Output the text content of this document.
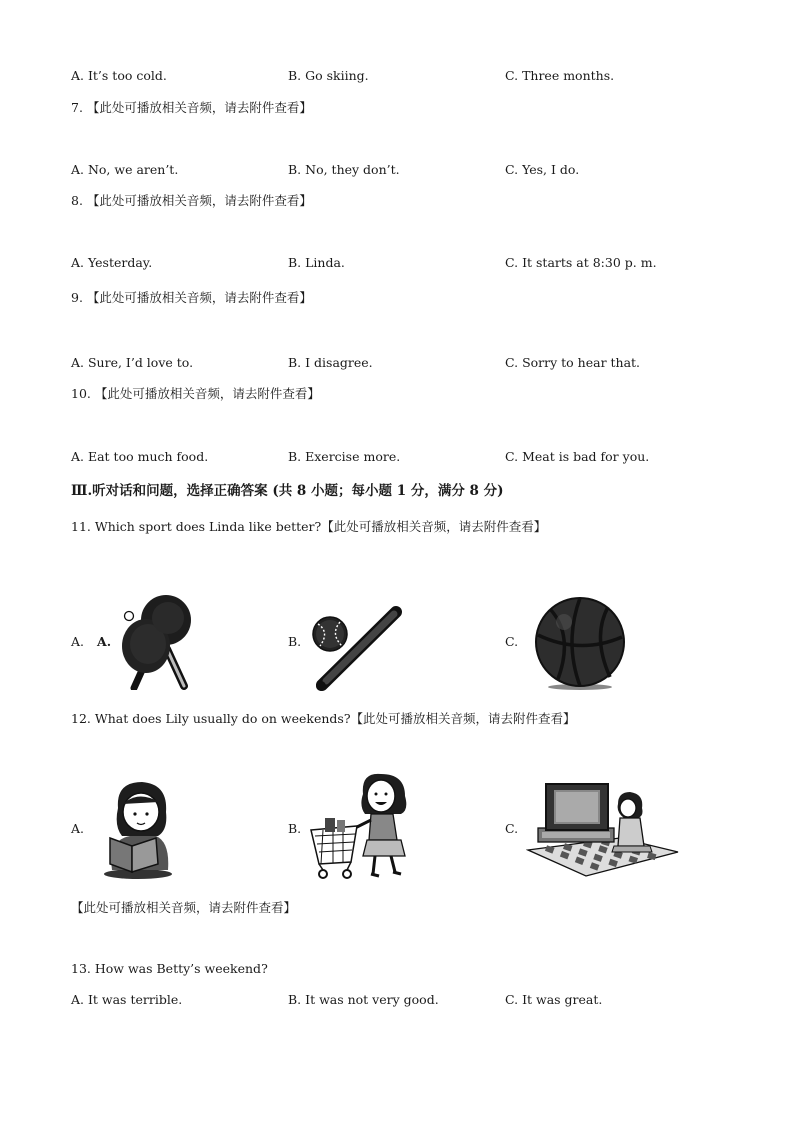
A. It’s too cold.	B. Go skiing.	C. Three months.
7. 【此处可播放相关音频，请去附件查看】
A. No, we aren’t.	B. No, they don’t.	C. Yes, I do.
8. 【此处可播放相关音频，请去附件查看】
A. Yesterday.	B. Linda.	C. It starts at 8:30 p. m.
9. 【此处可播放相关音频，请去附件查看】
A. Sure, I’d love to.	B. I disagree.	C. Sorry to hear that.
10. 【此处可播放相关音频，请去附件查看】
A. Eat too much food.	B. Exercise more.	C. Meat is bad for you.
Ⅲ.听对话和问题，选择正确答案 (共 8 小题；每小题 1 分，满分 8 分)
11. Which sport does Linda like better?【此处可播放相关音频，请去附件查看】
A. A.	B.	C.
12. What does Lily usually do on weekends?【此处可播放相关音频，请去附件查看】
A.	B.	C.
【此处可播放相关音频，请去附件查看】
13. How was Betty’s weekend?
A. It was terrible.	B. It was not very good.	C. It was great.
